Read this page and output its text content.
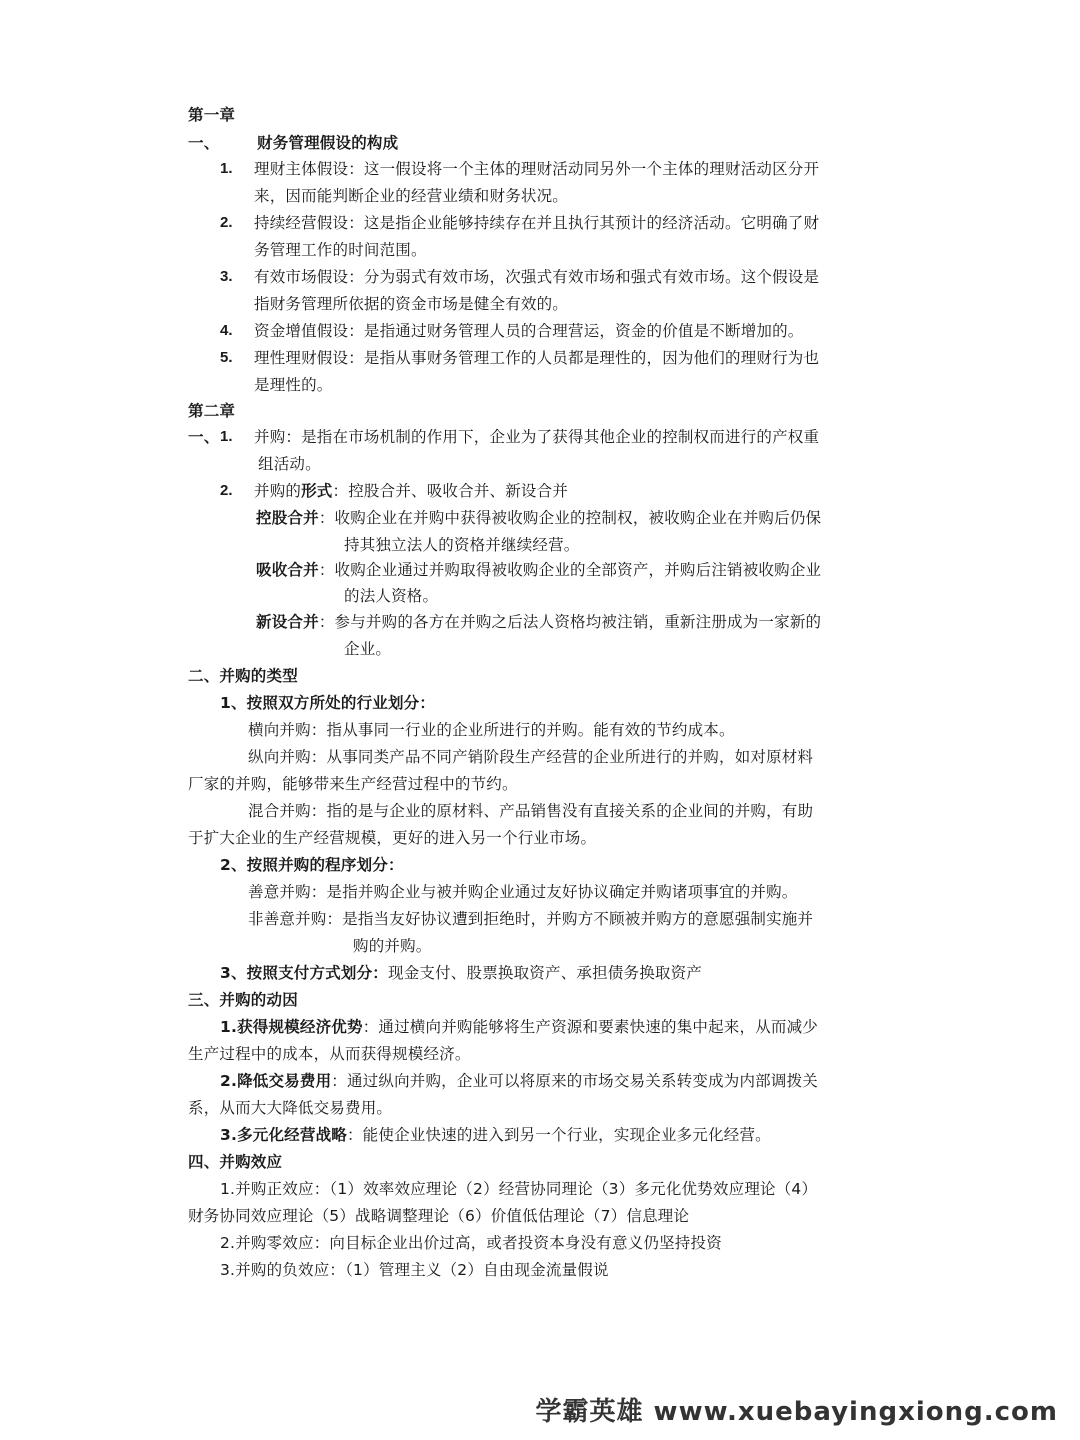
第一章
一、 财务管理假设的构成
1. 理财主体假设：这一假设将一个主体的理财活动同另外一个主体的理财活动区分开
来，因而能判断企业的经营业绩和财务状况。
2. 持续经营假设：这是指企业能够持续存在并且执行其预计的经济活动。它明确了财
务管理工作的时间范围。
3. 有效市场假设：分为弱式有效市场，次强式有效市场和强式有效市场。这个假设是
指财务管理所依据的资金市场是健全有效的。
4. 资金增值假设：是指通过财务管理人员的合理营运，资金的价值是不断增加的。
5. 理性理财假设：是指从事财务管理工作的人员都是理性的，因为他们的理财行为也
是理性的。
第二章
一、 1. 并购：是指在市场机制的作用下，企业为了获得其他企业的控制权而进行的产权重
组活动。
2. 并购的形式：控股合并、吸收合并、新设合并
控股合并：收购企业在并购中获得被收购企业的控制权，被收购企业在并购后仍保
持其独立法人的资格并继续经营。
吸收合并：收购企业通过并购取得被收购企业的全部资产，并购后注销被收购企业
的法人资格。
新设合并：参与并购的各方在并购之后法人资格均被注销，重新注册成为一家新的
企业。
二、并购的类型
1、按照双方所处的行业划分：
横向并购：指从事同一行业的企业所进行的并购。能有效的节约成本。
纵向并购：从事同类产品不同产销阶段生产经营的企业所进行的并购，如对原材料
厂家的并购，能够带来生产经营过程中的节约。
混合并购：指的是与企业的原材料、产品销售没有直接关系的企业间的并购，有助
于扩大企业的生产经营规模，更好的进入另一个行业市场。
2、按照并购的程序划分：
善意并购：是指并购企业与被并购企业通过友好协议确定并购诸项事宜的并购。
非善意并购：是指当友好协议遭到拒绝时，并购方不顾被并购方的意愿强制实施并
购的并购。
3、按照支付方式划分：现金支付、股票换取资产、承担债务换取资产
三、并购的动因
1.获得规模经济优势：通过横向并购能够将生产资源和要素快速的集中起来，从而减少
生产过程中的成本，从而获得规模经济。
2.降低交易费用：通过纵向并购，企业可以将原来的市场交易关系转变成为内部调拨关
系，从而大大降低交易费用。
3.多元化经营战略：能使企业快速的进入到另一个行业，实现企业多元化经营。
四、并购效应
1.并购正效应：（1）效率效应理论（2）经营协同理论（3）多元化优势效应理论（4）
财务协同效应理论（5）战略调整理论（6）价值低估理论（7）信息理论
2.并购零效应：向目标企业出价过高，或者投资本身没有意义仍坚持投资
3.并购的负效应：（1）管理主义（2）自由现金流量假说
学霸英雄 www.xuebayingxiong.com
